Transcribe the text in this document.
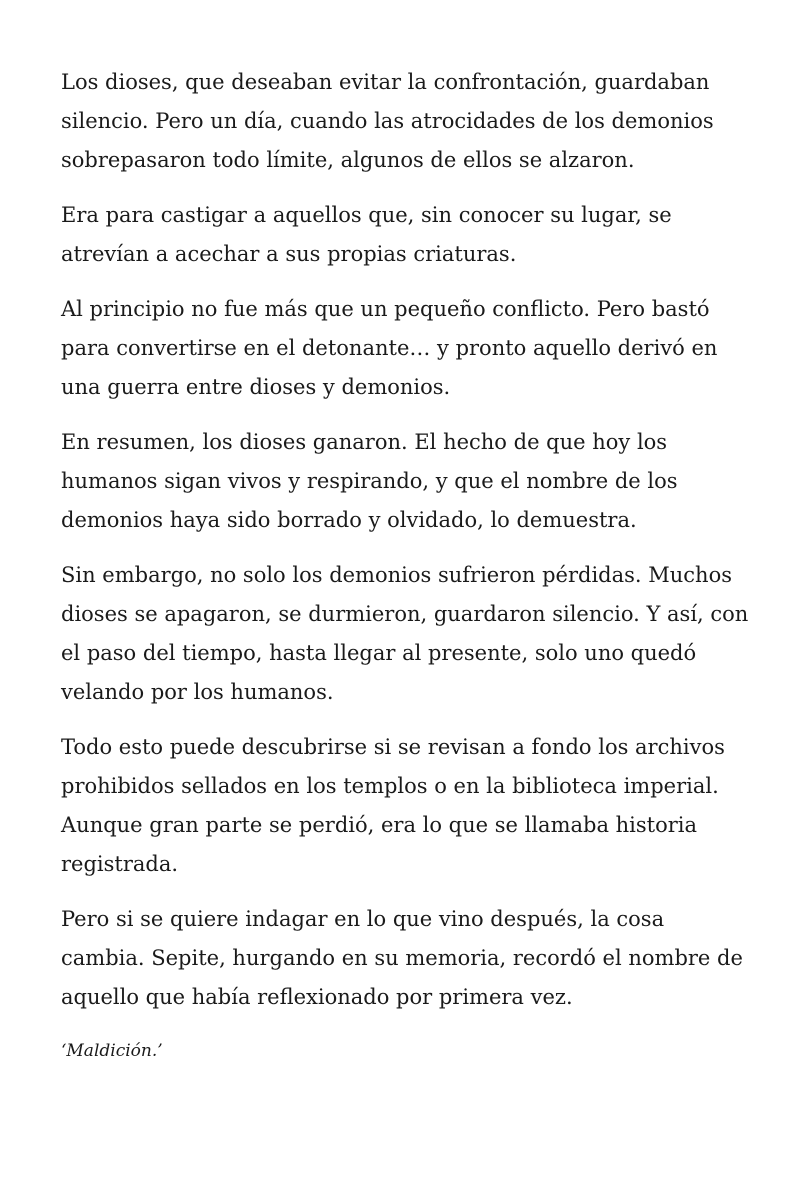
Los dioses, que deseaban evitar la confrontación, guardaban silencio. Pero un día, cuando las atrocidades de los demonios sobrepasaron todo límite, algunos de ellos se alzaron.

Era para castigar a aquellos que, sin conocer su lugar, se atrevían a acechar a sus propias criaturas.

Al principio no fue más que un pequeño conflicto. Pero bastó para convertirse en el detonante… y pronto aquello derivó en una guerra entre dioses y demonios.

En resumen, los dioses ganaron. El hecho de que hoy los humanos sigan vivos y respirando, y que el nombre de los demonios haya sido borrado y olvidado, lo demuestra.

Sin embargo, no solo los demonios sufrieron pérdidas. Muchos dioses se apagaron, se durmieron, guardaron silencio. Y así, con el paso del tiempo, hasta llegar al presente, solo uno quedó velando por los humanos.

Todo esto puede descubrirse si se revisan a fondo los archivos prohibidos sellados en los templos o en la biblioteca imperial. Aunque gran parte se perdió, era lo que se llamaba historia registrada.

Pero si se quiere indagar en lo que vino después, la cosa cambia. Sepite, hurgando en su memoria, recordó el nombre de aquello que había reflexionado por primera vez.

‘Maldición.’
